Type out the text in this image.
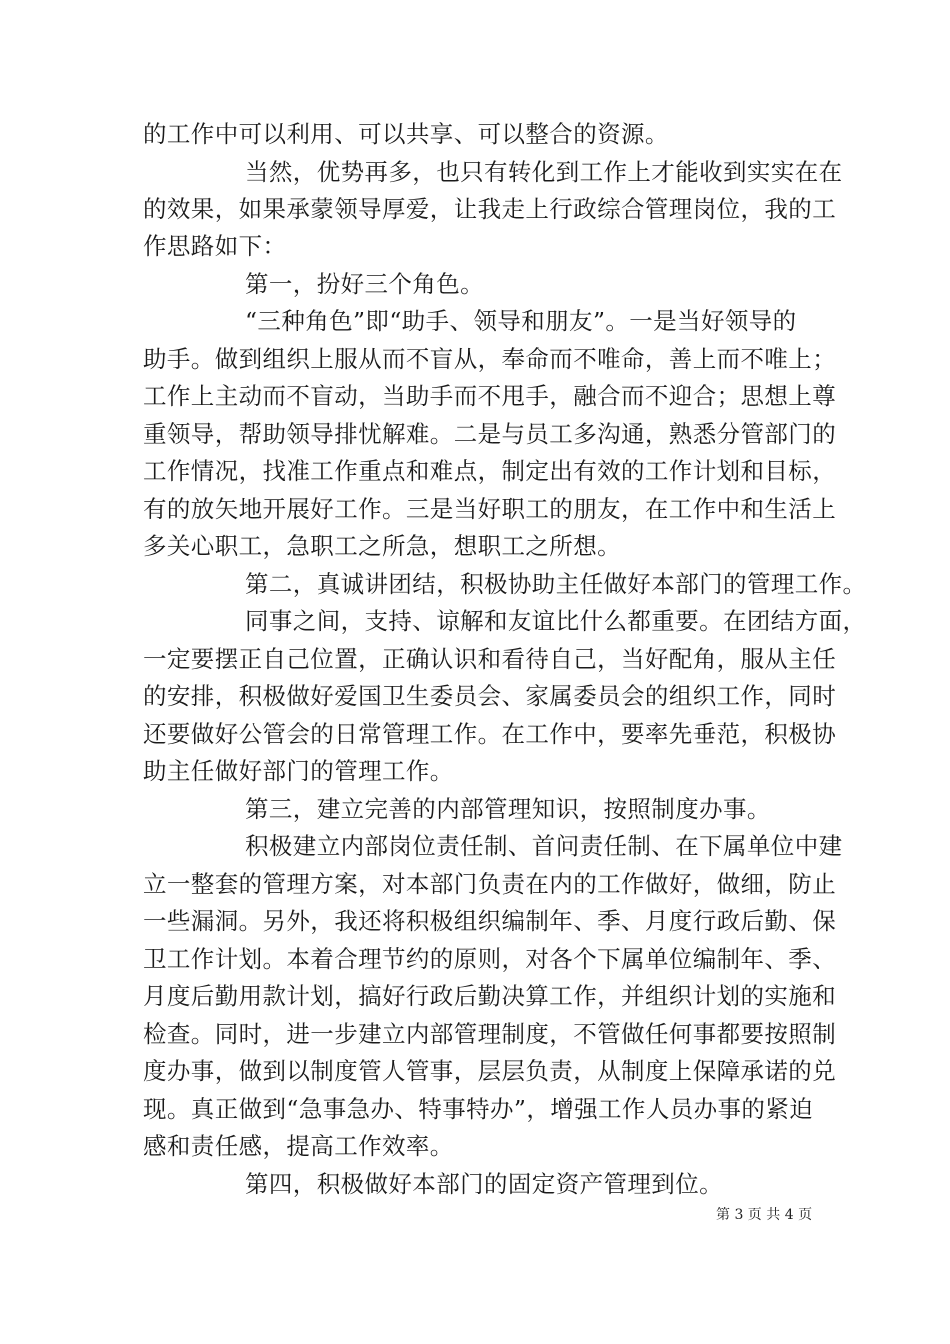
的工作中可以利用、可以共享、可以整合的资源。
当然，优势再多，也只有转化到工作上才能收到实实在在
的效果，如果承蒙领导厚爱，让我走上行政综合管理岗位，我的工
作思路如下：
第一，扮好三个角色。
“三种角色”即“助手、领导和朋友”。一是当好领导的
助手。做到组织上服从而不盲从，奉命而不唯命，善上而不唯上；
工作上主动而不盲动，当助手而不甩手，融合而不迎合；思想上尊
重领导，帮助领导排忧解难。二是与员工多沟通，熟悉分管部门的
工作情况，找准工作重点和难点，制定出有效的工作计划和目标，
有的放矢地开展好工作。三是当好职工的朋友，在工作中和生活上
多关心职工，急职工之所急，想职工之所想。
第二，真诚讲团结，积极协助主任做好本部门的管理工作。
同事之间，支持、谅解和友谊比什么都重要。在团结方面，
一定要摆正自己位置，正确认识和看待自己，当好配角，服从主任
的安排，积极做好爱国卫生委员会、家属委员会的组织工作，同时
还要做好公管会的日常管理工作。在工作中，要率先垂范，积极协
助主任做好部门的管理工作。
第三，建立完善的内部管理知识，按照制度办事。
积极建立内部岗位责任制、首问责任制、在下属单位中建
立一整套的管理方案，对本部门负责在内的工作做好，做细，防止
一些漏洞。另外，我还将积极组织编制年、季、月度行政后勤、保
卫工作计划。本着合理节约的原则，对各个下属单位编制年、季、
月度后勤用款计划，搞好行政后勤决算工作，并组织计划的实施和
检查。同时，进一步建立内部管理制度，不管做任何事都要按照制
度办事，做到以制度管人管事，层层负责，从制度上保障承诺的兑
现。真正做到“急事急办、特事特办”，增强工作人员办事的紧迫
感和责任感，提高工作效率。
第四，积极做好本部门的固定资产管理到位。
第 3 页 共 4 页
